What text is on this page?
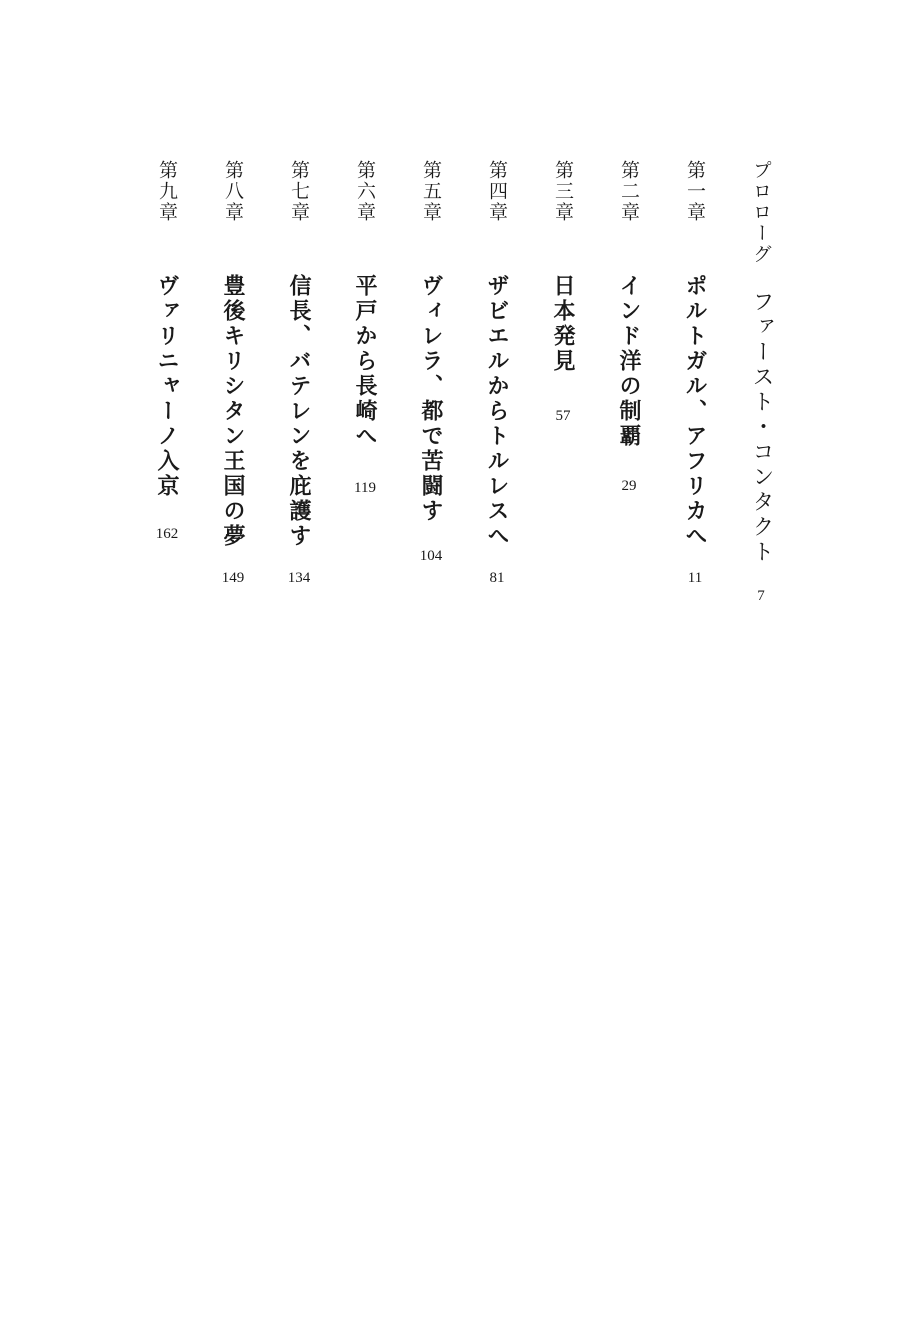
プロローグ
ファースト・コンタクト
7
第一章
ポルトガル、アフリカへ
11
第二章
インド洋の制覇
29
第三章
日本発見
57
第四章
ザビエルからトルレスへ
81
第五章
ヴィレラ、都で苦闘す
104
第六章
平戸から長崎へ
119
第七章
信長、バテレンを庇護す
134
第八章
豊後キリシタン王国の夢
149
第九章
ヴァリニャーノ入京
162
